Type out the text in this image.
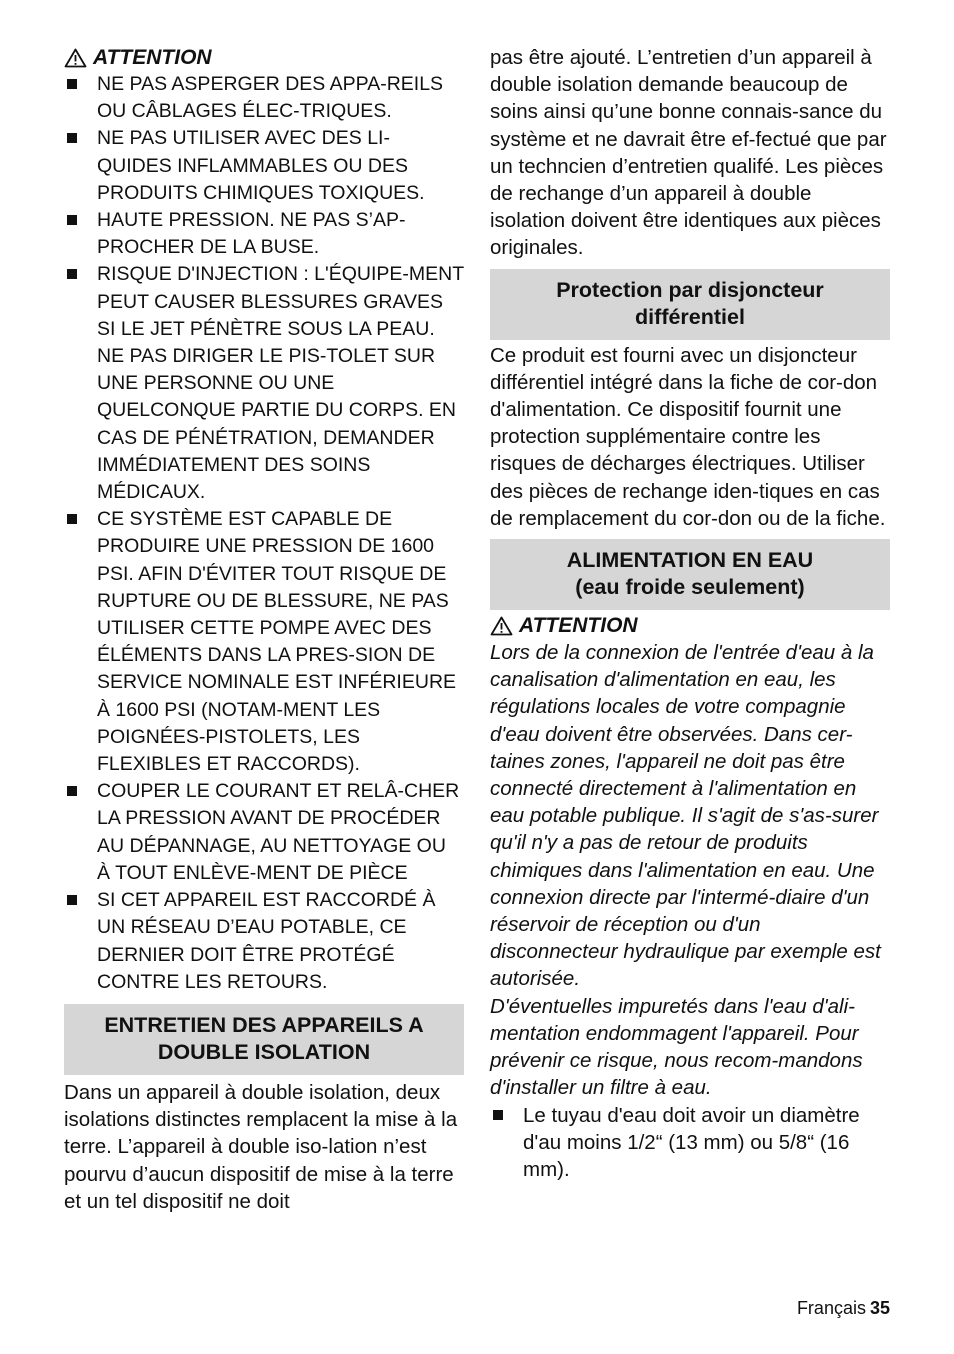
ATTENTION
NE PAS ASPERGER DES APPA-REILS OU CÂBLAGES ÉLEC-TRIQUES.
NE PAS UTILISER AVEC DES LI-QUIDES INFLAMMABLES OU DES PRODUITS CHIMIQUES TOXIQUES.
HAUTE PRESSION. NE PAS S’AP-PROCHER DE LA BUSE.
RISQUE D'INJECTION : L'ÉQUIPE-MENT PEUT CAUSER BLESSURES GRAVES SI LE JET PÉNÈTRE SOUS LA PEAU. NE PAS DIRIGER LE PIS-TOLET SUR UNE PERSONNE OU UNE QUELCONQUE PARTIE DU CORPS. EN CAS DE PÉNÉTRATION, DEMANDER IMMÉDIATEMENT DES SOINS MÉDICAUX.
CE SYSTÈME EST CAPABLE DE PRODUIRE UNE PRESSION DE 1600 PSI. AFIN D'ÉVITER TOUT RISQUE DE RUPTURE OU DE BLESSURE, NE PAS UTILISER CETTE POMPE AVEC DES ÉLÉMENTS DANS LA PRES-SION DE SERVICE NOMINALE EST INFÉRIEURE À 1600 PSI (NOTAM-MENT LES POIGNÉES-PISTOLETS, LES FLEXIBLES ET RACCORDS).
COUPER LE COURANT ET RELÂ-CHER LA PRESSION AVANT DE PROCÉDER AU DÉPANNAGE, AU NETTOYAGE OU À TOUT ENLÈVE-MENT DE PIÈCE
SI CET APPAREIL EST RACCORDÉ À UN RÉSEAU D’EAU POTABLE, CE DERNIER DOIT ÊTRE PROTÉGÉ CONTRE LES RETOURS.
ENTRETIEN DES APPAREILS A
DOUBLE ISOLATION

Dans un appareil à double isolation, deux isolations distinctes remplacent la mise à la terre. L’appareil à double iso-lation n’est pourvu d’aucun dispositif de mise à la terre et un tel dispositif ne doit

pas être ajouté. L’entretien d’un appareil à double isolation demande beaucoup de soins ainsi qu’une bonne connais-sance du système et ne davrait être ef-fectué que par un techncien d’entretien qualifé. Les pièces de rechange d’un appareil à double isolation doivent être identiques aux pièces originales.

Protection par disjoncteur
différentiel

Ce produit est fourni avec un disjoncteur différentiel intégré dans la fiche de cor-don d'alimentation. Ce dispositif fournit une protection supplémentaire contre les risques de décharges électriques. Utiliser des pièces de rechange iden-tiques en cas de remplacement du cor-don ou de la fiche.

ALIMENTATION EN EAU
(eau froide seulement)
ATTENTION

Lors de la connexion de l'entrée d'eau à la canalisation d'alimentation en eau, les régulations locales de votre compagnie d'eau doivent être observées. Dans cer-taines zones, l'appareil ne doit pas être connecté directement à l'alimentation en eau potable publique. Il s'agit de s'as-surer qu'il n'y a pas de retour de produits chimiques dans l'alimentation en eau. Une connexion directe par l'intermé-diaire d'un réservoir de réception ou d'un disconnecteur hydraulique par exemple est autorisée.

D'éventuelles impuretés dans l'eau d'ali-mentation endommagent l'appareil. Pour prévenir ce risque, nous recom-mandons d'installer un filtre à eau.

Le tuyau d'eau doit avoir un diamètre d'au moins 1/2“ (13 mm) ou 5/8“ (16 mm).
Français 35
